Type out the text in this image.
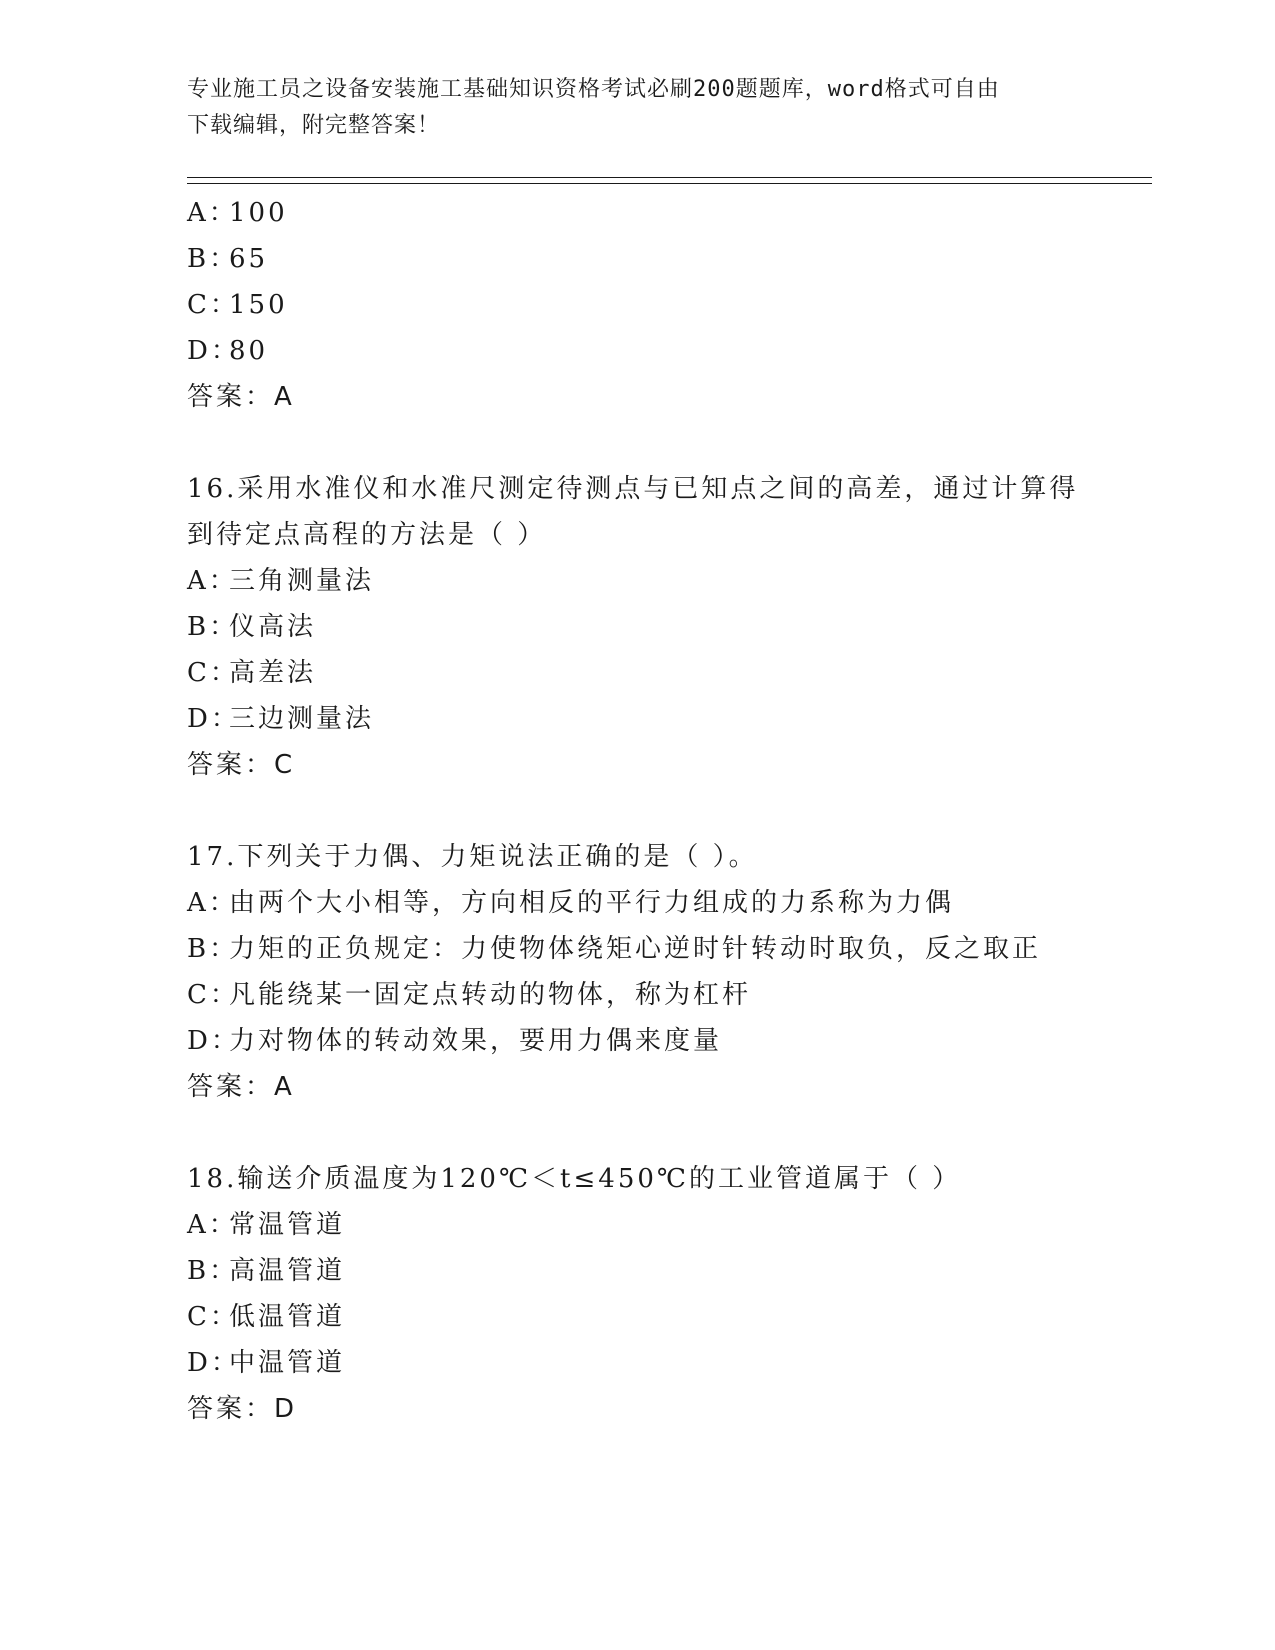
专业施工员之设备安装施工基础知识资格考试必刷200题题库，word格式可自由
下载编辑，附完整答案！
A：100
B：65
C：150
D：80
答案：A
16.采用水准仪和水准尺测定待测点与已知点之间的高差，通过计算得
到待定点高程的方法是（ ）
A：三角测量法
B：仪高法
C：高差法
D：三边测量法
答案：C
17.下列关于力偶、力矩说法正确的是（ ）。
A：由两个大小相等，方向相反的平行力组成的力系称为力偶
B：力矩的正负规定：力使物体绕矩心逆时针转动时取负，反之取正
C：凡能绕某一固定点转动的物体，称为杠杆
D：力对物体的转动效果，要用力偶来度量
答案：A
18.输送介质温度为120℃＜t≤450℃的工业管道属于（ ）
A：常温管道
B：高温管道
C：低温管道
D：中温管道
答案：D
